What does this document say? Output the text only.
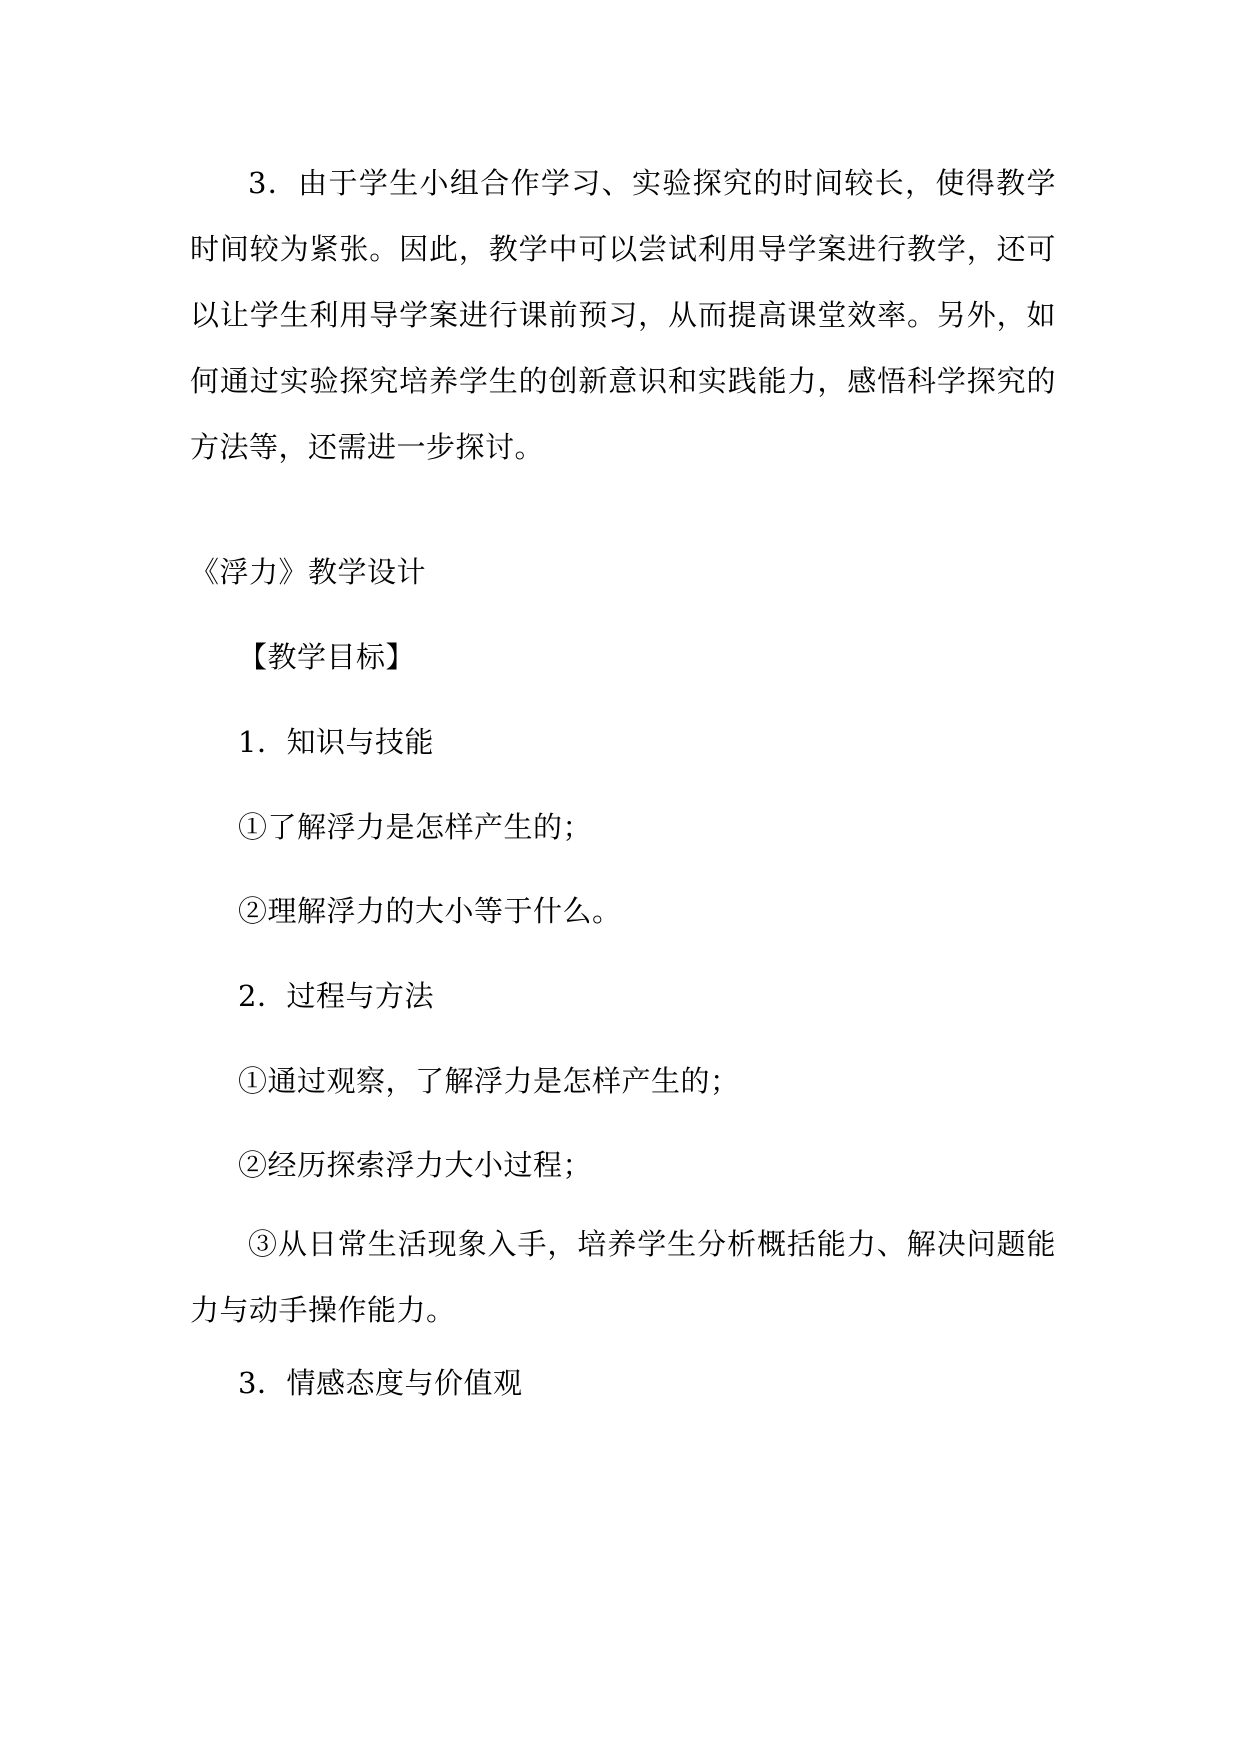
3．由于学生小组合作学习、实验探究的时间较长，使得教学时间较为紧张。因此，教学中可以尝试利用导学案进行教学，还可以让学生利用导学案进行课前预习，从而提高课堂效率。另外，如何通过实验探究培养学生的创新意识和实践能力，感悟科学探究的方法等，还需进一步探讨。

《浮力》教学设计

【教学目标】

1．知识与技能

①了解浮力是怎样产生的；

②理解浮力的大小等于什么。

2．过程与方法

①通过观察，了解浮力是怎样产生的；

②经历探索浮力大小过程；

③从日常生活现象入手，培养学生分析概括能力、解决问题能力与动手操作能力。

3．情感态度与价值观
